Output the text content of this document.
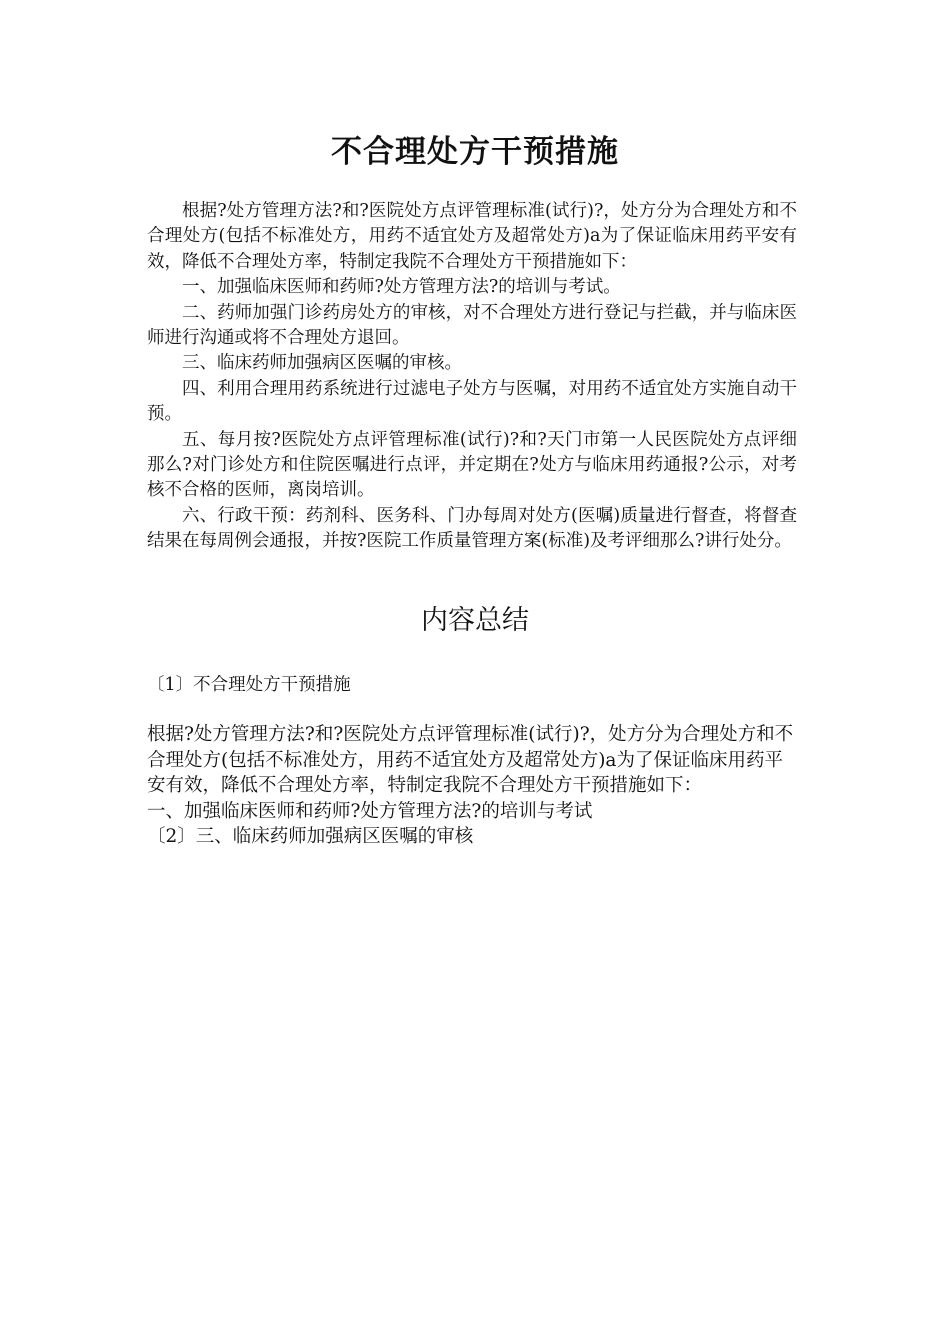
不合理处方干预措施

根据?处方管理方法?和?医院处方点评管理标准(试行)?，处方分为合理处方和不合理处方(包括不标准处方，用药不适宜处方及超常处方)a为了保证临床用药平安有效，降低不合理处方率，特制定我院不合理处方干预措施如下：

一、加强临床医师和药师?处方管理方法?的培训与考试。

二、药师加强门诊药房处方的审核，对不合理处方进行登记与拦截，并与临床医师进行沟通或将不合理处方退回。

三、临床药师加强病区医嘱的审核。

四、利用合理用药系统进行过滤电子处方与医嘱，对用药不适宜处方实施自动干预。

五、每月按?医院处方点评管理标准(试行)?和?天门市第一人民医院处方点评细那么?对门诊处方和住院医嘱进行点评，并定期在?处方与临床用药通报?公示，对考核不合格的医师，离岗培训。

六、行政干预：药剂科、医务科、门办每周对处方(医嘱)质量进行督查，将督查结果在每周例会通报，并按?医院工作质量管理方案(标准)及考评细那么?讲行处分。

内容总结

〔1〕不合理处方干预措施

根据?处方管理方法?和?医院处方点评管理标准(试行)?，处方分为合理处方和不合理处方(包括不标准处方，用药不适宜处方及超常处方)a为了保证临床用药平安有效，降低不合理处方率，特制定我院不合理处方干预措施如下：

一、加强临床医师和药师?处方管理方法?的培训与考试

〔2〕三、临床药师加强病区医嘱的审核
